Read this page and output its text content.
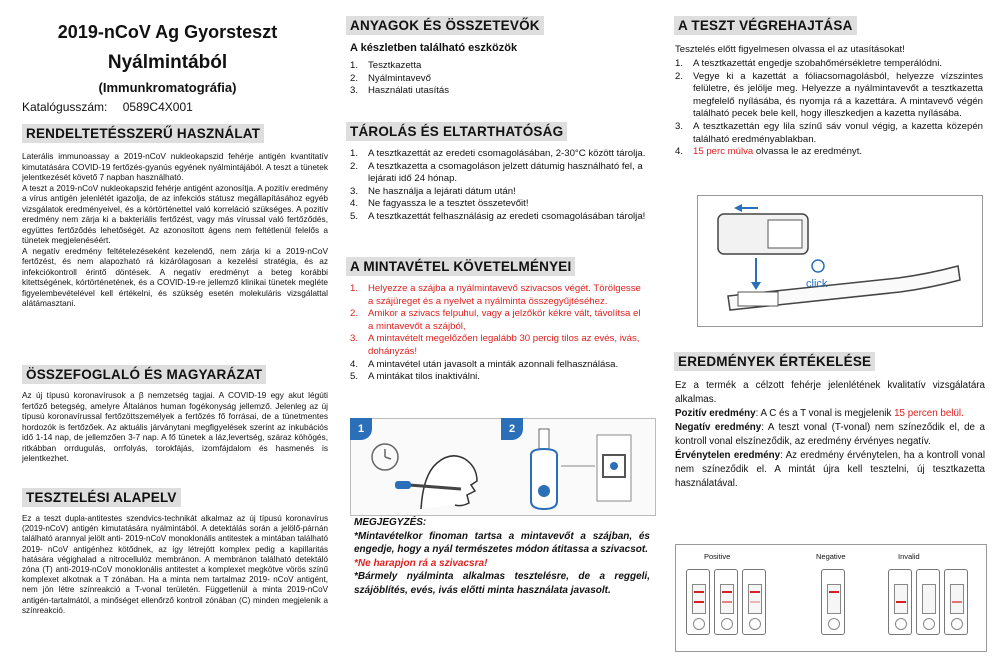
2019-nCoV Ag Gyorsteszt
Nyálmintából
(Immunkromatográfia)
Katalógusszám: 0589C4X001
RENDELTETÉSSZERŰ HASZNÁLAT
Laterális immunoassay a 2019-nCoV nukleokapszid fehérje antigén kvantitatív kimutatására COVID-19 fertőzés-gyanús egyének nyálmintájából. A teszt a tünetek jelentkezését követő 7 napban használható.
A teszt a 2019-nCoV nukleokapszid fehérje antigént azonosítja. A pozitív eredmény a vírus antigén jelenlétét igazolja, de az infekciós státusz megállapításához egyéb vizsgálatok eredményeivel, és a kórtörténettel való korreláció szükséges. A pozitív eredmény nem zárja ki a bakteriális fertőzést, vagy más vírussal való fertőződés, együttes fertőződés lehetőségét. Az azonosított ágens nem feltétlenül felelős a tünetek megjelenéséért.
A negatív eredmény feltételezéseként kezelendő, nem zárja ki a 2019-nCoV fertőzést, és nem alapozható rá kizárólagosan a kezelési stratégia, és az infekciókontroll érintő döntések. A negatív eredményt a beteg korábbi kitettségének, kórtörténetének, és a COVID-19-re jellemző klinikai tünetek megléte figyelembevételével kell értékelni, és szükség esetén molekuláris vizsgálattal alátámasztani.
ÖSSZEFOGLALÓ ÉS MAGYARÁZAT
Az új típusú koronavírusok a β nemzetség tagjai. A COVID-19 egy akut légúti fertőző betegség, amelyre Általános human fogékonyság jellemző. Jelenleg az új típusú koronavírussal fertőzöttszemélyek a fertőzés fő forrásai, de a tünetmentes hordozók is fertőzőek. Az aktuális járványtani megfigyelések szerint az inkubációs idő 1-14 nap, de jellemzően 3-7 nap. A fő tünetek a láz,levertség, száraz köhögés, ritkábban orrdugulás, orrfolyás, torokfájás, izomfájdalom és hasmenés is jelentkezhet.
TESZTELÉSI ALAPELV
Ez a teszt dupla-antitestes szendvics-technikát alkalmaz az új típusú koronavírus (2019-nCoV) antigén kimutatására nyálmintából. A detektálás során a jelölő-párnán található arannyal jelölt anti- 2019-nCoV monoklonális antitestek a mintában található 2019- nCoV antigénhez kötődnek, az így létrejött komplex pedig a kapillaritás hatására végighalad a nitrocellulóz membránon. A membránon található detektáló zóna (T) anti-2019-nCoV monoklonális antitestet a komplexet megkötve vörös színű komplexet alkotnak a T zónában. Ha a minta nem tartalmaz 2019- nCoV antigént, nem jön létre színreakció a T-vonal területén. Függetlenül a minta 2019-nCoV antigén-tartalmától, a minőséget ellenőrző kontroll zónában (C) minden megjelenik a színreakció.
ANYAGOK ÉS ÖSSZETEVŐK
A készletben található eszközök
1. Tesztkazetta
2. Nyálmintavevő
3. Használati utasítás
TÁROLÁS ÉS ELTARTHATÓSÁG
1. A tesztkazettát az eredeti csomagolásában, 2-30°C között tárolja.
2. A tesztkazetta a csomagoláson jelzett dátumig használható fel, a lejárati idő 24 hónap.
3. Ne használja a lejárati dátum után!
4. Ne fagyassza le a tesztet összetevőit!
5. A tesztkazettát felhasználásig az eredeti csomagolásában tárolja!
A MINTAVÉTEL KÖVETELMÉNYEI
1. Helyezze a szájba a nyálmintavevő szivacsos végét. Törölgesse a szájüreget és a nyelvet a nyálminta összegyűjtéséhez.
2. Amikor a szivacs felpuhul, vagy a jelzőkör kékre vált, távolítsa el a mintavevőt a szájból,
3. A mintavételt megelőzően legalább 30 percig tilos az evés, ivás, dohányzás!
4. A mintavétel után javasolt a minták azonnali felhasználása.
5. A mintákat tilos inaktiválni.
1	2
MEGJEGYZÉS:
*Mintavételkor finoman tartsa a mintavevőt a szájban, és engedje, hogy a nyál természetes módon átitassa a szivacsot.
*Ne harapjon rá a szivacsra!
*Bármely nyálminta alkalmas tesztelésre, de a reggeli, szájöblítés, evés, ivás előtti minta használata javasolt.
A TESZT VÉGREHAJTÁSA
Tesztelés előtt figyelmesen olvassa el az utasításokat!
1. A tesztkazettát engedje szobahőmérsékletre temperálódni.
2. Vegye ki a kazettát a fóliacsomagolásból, helyezze vízszintes felületre, és jelölje meg. Helyezze a nyálmintavevőt a tesztkazetta megfelelő nyílásába, és nyomja rá a kazettára. A mintavevő végén található pecek bele kell, hogy illeszkedjen a kazetta nyílásába.
3. A tesztkazettán egy lila színű sáv vonul végig, a kazetta közepén található eredményablakban.
4. 15 perc múlva olvassa le az eredményt.
click
EREDMÉNYEK ÉRTÉKELÉSE
Ez a termék a célzott fehérje jelenlétének kvalitatív vizsgálatára alkalmas.
Pozitív eredmény: A C és a T vonal is megjelenik 15 percen belül.
Negatív eredmény: A teszt vonal (T-vonal) nem színeződik el, de a kontroll vonal elszíneződik, az eredmény érvényes negatív.
Érvénytelen eredmény: Az eredmény érvénytelen, ha a kontroll vonal nem színeződik el. A mintát újra kell tesztelni, új tesztkazetta használatával.
Positive	Negative	Invalid
